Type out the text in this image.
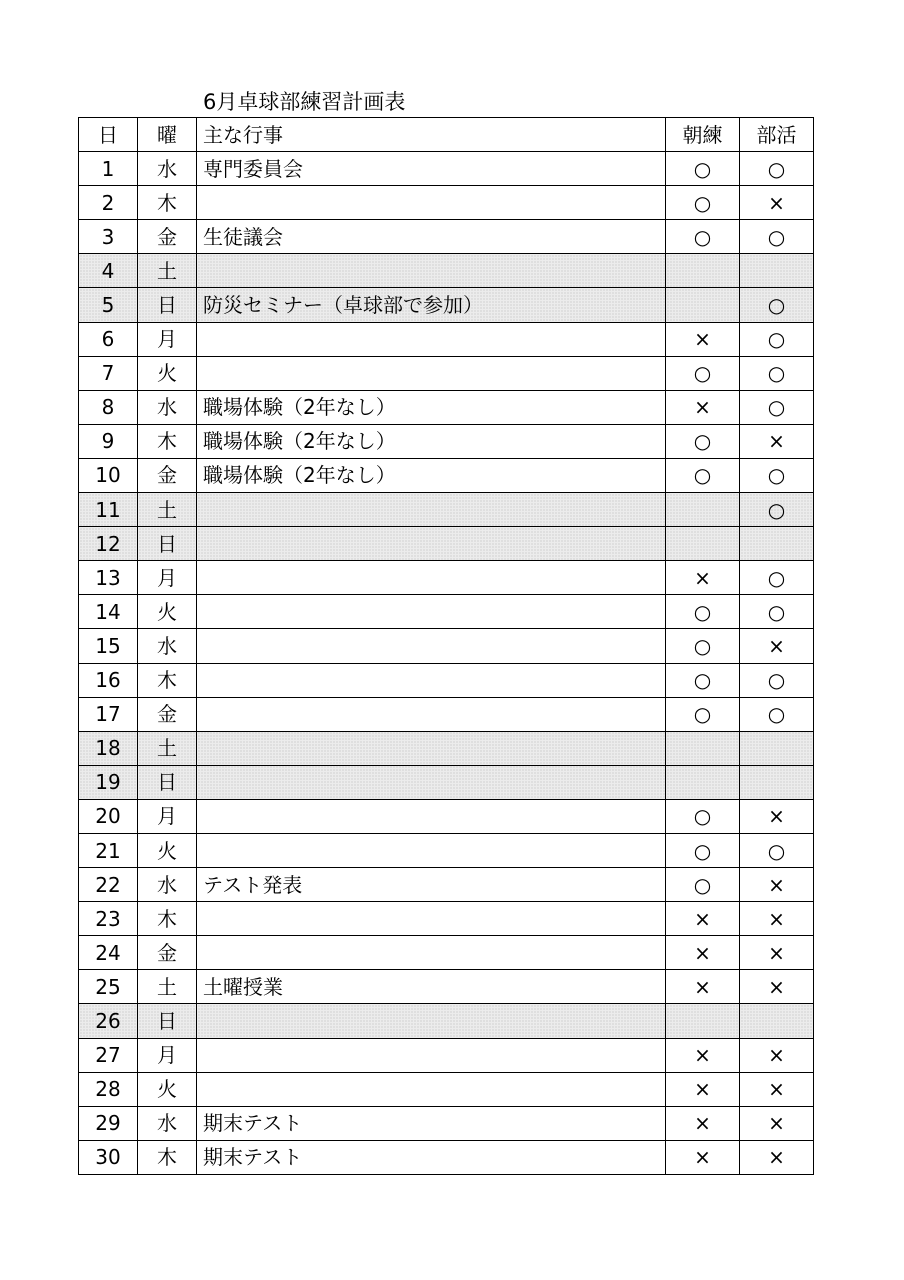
6月卓球部練習計画表
日	曜	主な行事	朝練	部活
1	水	専門委員会	○	○
2	木		○	×
3	金	生徒議会	○	○
4	土			
5	日	防災セミナー（卓球部で参加）		○
6	月		×	○
7	火		○	○
8	水	職場体験（2年なし）	×	○
9	木	職場体験（2年なし）	○	×
10	金	職場体験（2年なし）	○	○
11	土			○
12	日			
13	月		×	○
14	火		○	○
15	水		○	×
16	木		○	○
17	金		○	○
18	土			
19	日			
20	月		○	×
21	火		○	○
22	水	テスト発表	○	×
23	木		×	×
24	金		×	×
25	土	土曜授業	×	×
26	日			
27	月		×	×
28	火		×	×
29	水	期末テスト	×	×
30	木	期末テスト	×	×
